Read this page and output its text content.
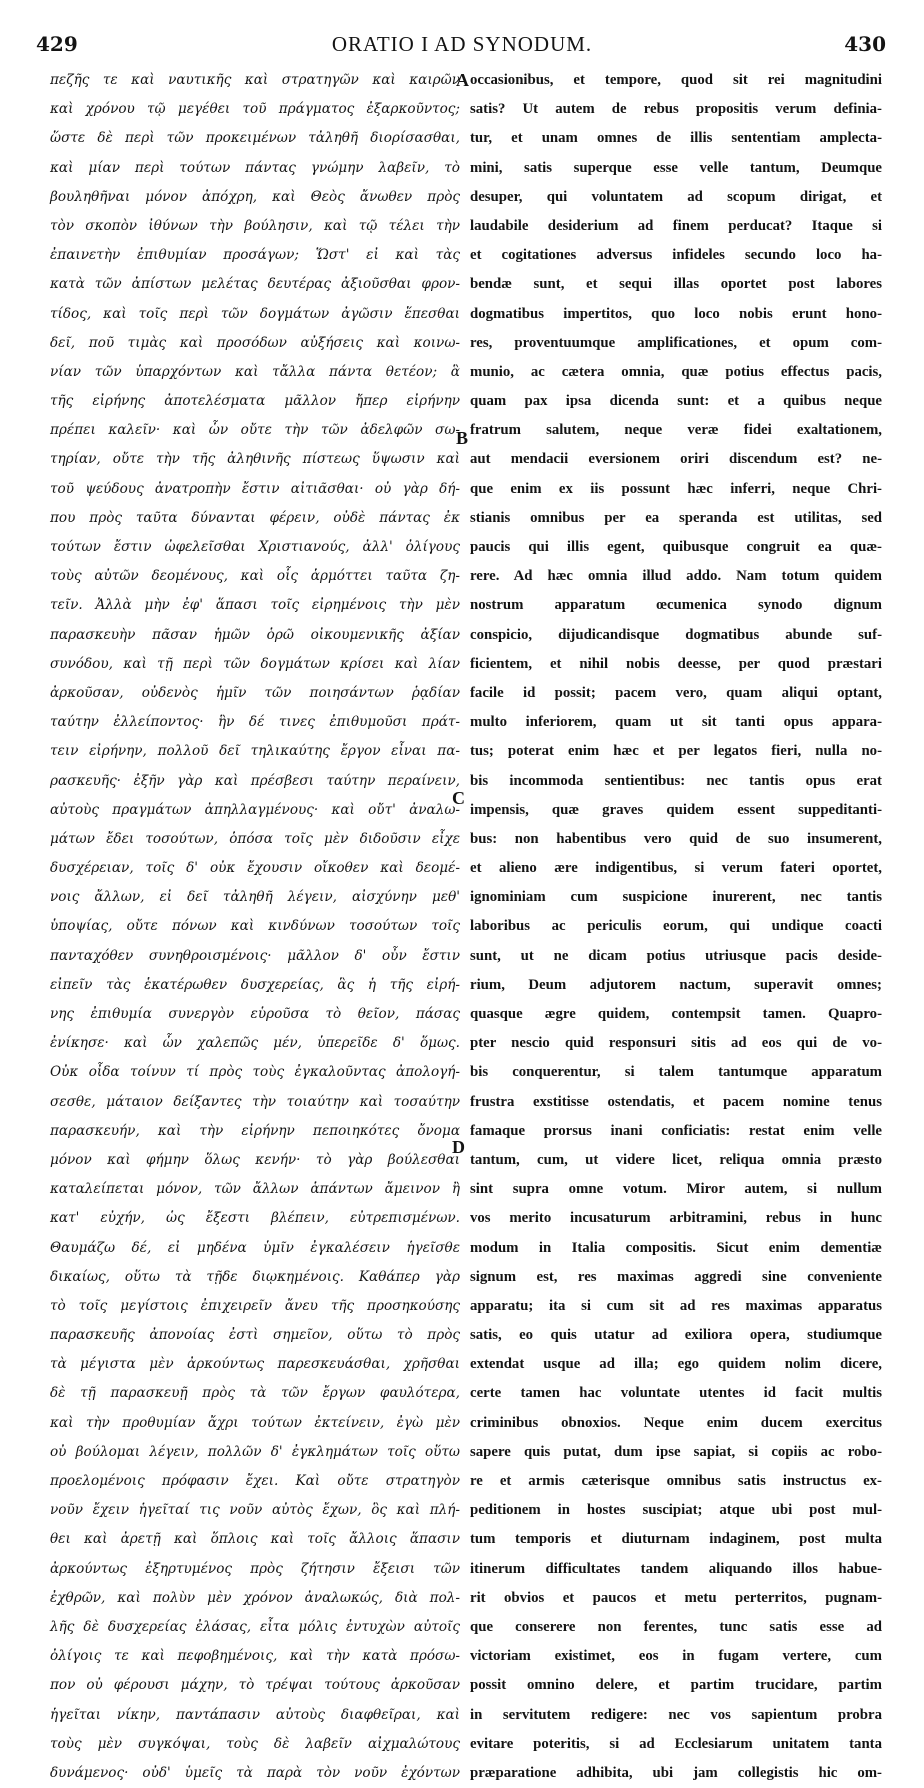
429	ORATIO I AD SYNODUM.	430
πεζῆς τε καὶ ναυτικῆς καὶ στρατηγῶν καὶ καιρῶν
καὶ χρόνου τῷ μεγέθει τοῦ πράγματος ἐξαρκοῦντος;
ὥστε δὲ περὶ τῶν προκειμένων τἀληθῆ διορίσασθαι,
καὶ μίαν περὶ τούτων πάντας γνώμην λαβεῖν, τὸ
βουληθῆναι μόνον ἀπόχρη, καὶ Θεὸς ἄνωθεν πρὸς
τὸν σκοπὸν ἰθύνων τὴν βούλησιν, καὶ τῷ τέλει τὴν
ἐπαινετὴν ἐπιθυμίαν προσάγων; Ὥστ' εἰ καὶ τὰς
κατὰ τῶν ἀπίστων μελέτας δευτέρας ἀξιοῦσθαι φρον-
τίδος, καὶ τοῖς περὶ τῶν δογμάτων ἀγῶσιν ἕπεσθαι
δεῖ, ποῦ τιμὰς καὶ προσόδων αὐξήσεις καὶ κοινω-
νίαν τῶν ὑπαρχόντων καὶ τἄλλα πάντα θετέον; ἃ
τῆς εἰρήνης ἀποτελέσματα μᾶλλον ἤπερ εἰρήνην
πρέπει καλεῖν· καὶ ὧν οὔτε τὴν τῶν ἀδελφῶν σω-
τηρίαν, οὔτε τὴν τῆς ἀληθινῆς πίστεως ὕψωσιν καὶ
τοῦ ψεύδους ἀνατροπὴν ἔστιν αἰτιᾶσθαι· οὐ γὰρ δή-
που πρὸς ταῦτα δύνανται φέρειν, οὐδὲ πάντας ἐκ
τούτων ἔστιν ὠφελεῖσθαι Χριστιανούς, ἀλλ' ὀλίγους
τοὺς αὐτῶν δεομένους, καὶ οἷς ἁρμόττει ταῦτα ζη-
τεῖν. Ἀλλὰ μὴν ἐφ' ἅπασι τοῖς εἰρημένοις τὴν μὲν
παρασκευὴν πᾶσαν ἡμῶν ὁρῶ οἰκουμενικῆς ἀξίαν
συνόδου, καὶ τῇ περὶ τῶν δογμάτων κρίσει καὶ λίαν
ἀρκοῦσαν, οὐδενὸς ἡμῖν τῶν ποιησάντων ῥᾳδίαν
ταύτην ἐλλείποντος· ἣν δέ τινες ἐπιθυμοῦσι πράτ-
τειν εἰρήνην, πολλοῦ δεῖ τηλικαύτης ἔργον εἶναι πα-
ρασκευῆς· ἐξῆν γὰρ καὶ πρέσβεσι ταύτην περαίνειν,
αὐτοὺς πραγμάτων ἀπηλλαγμένους· καὶ οὔτ' ἀναλω-
μάτων ἔδει τοσούτων, ὁπόσα τοῖς μὲν διδοῦσιν εἶχε
δυσχέρειαν, τοῖς δ' οὐκ ἔχουσιν οἴκοθεν καὶ δεομέ-
νοις ἄλλων, εἰ δεῖ τἀληθῆ λέγειν, αἰσχύνην μεθ'
ὑποψίας, οὔτε πόνων καὶ κινδύνων τοσούτων τοῖς
πανταχόθεν συνηθροισμένοις· μᾶλλον δ' οὖν ἔστιν
εἰπεῖν τὰς ἑκατέρωθεν δυσχερείας, ἃς ἡ τῆς εἰρή-
νης ἐπιθυμία συνεργὸν εὑροῦσα τὸ θεῖον, πάσας
ἐνίκησε· καὶ ὧν χαλεπῶς μέν, ὑπερεῖδε δ' ὅμως.
Οὐκ οἶδα τοίνυν τί πρὸς τοὺς ἐγκαλοῦντας ἀπολογή-
σεσθε, μάταιον δείξαντες τὴν τοιαύτην καὶ τοσαύτην
παρασκευήν, καὶ τὴν εἰρήνην πεποιηκότες ὄνομα
μόνον καὶ φήμην ὅλως κενήν· τὸ γὰρ βούλεσθαι
καταλείπεται μόνον, τῶν ἄλλων ἁπάντων ἄμεινον ἢ
κατ' εὐχήν, ὡς ἔξεστι βλέπειν, εὐτρεπισμένων.
Θαυμάζω δέ, εἰ μηδένα ὑμῖν ἐγκαλέσειν ἡγεῖσθε
δικαίως, οὕτω τὰ τῇδε διῳκημένοις. Καθάπερ γὰρ
τὸ τοῖς μεγίστοις ἐπιχειρεῖν ἄνευ τῆς προσηκούσης
παρασκευῆς ἀπονοίας ἐστὶ σημεῖον, οὕτω τὸ πρὸς
τὰ μέγιστα μὲν ἀρκούντως παρεσκευάσθαι, χρῆσθαι
δὲ τῇ παρασκευῇ πρὸς τὰ τῶν ἔργων φαυλότερα,
καὶ τὴν προθυμίαν ἄχρι τούτων ἐκτείνειν, ἐγὼ μὲν
οὐ βούλομαι λέγειν, πολλῶν δ' ἐγκλημάτων τοῖς οὕτω
προελομένοις πρόφασιν ἔχει. Καὶ οὔτε στρατηγὸν
νοῦν ἔχειν ἡγεῖταί τις νοῦν αὐτὸς ἔχων, ὃς καὶ πλή-
θει καὶ ἀρετῇ καὶ ὅπλοις καὶ τοῖς ἄλλοις ἅπασιν
ἀρκούντως ἐξηρτυμένος πρὸς ζήτησιν ἔξεισι τῶν
ἐχθρῶν, καὶ πολὺν μὲν χρόνον ἀναλωκώς, διὰ πολ-
λῆς δὲ δυσχερείας ἐλάσας, εἶτα μόλις ἐντυχὼν αὐτοῖς
ὀλίγοις τε καὶ πεφοβημένοις, καὶ τὴν κατὰ πρόσω-
πον οὐ φέρουσι μάχην, τὸ τρέψαι τούτους ἀρκοῦσαν
ἡγεῖται νίκην, παντάπασιν αὐτοὺς διαφθεῖραι, καὶ
τοὺς μὲν συγκόψαι, τοὺς δὲ λαβεῖν αἰχμαλώτους
δυνάμενος· οὐδ' ὑμεῖς τὰ παρὰ τὸν νοῦν ἐχόντων
A
B
C
D
occasionibus, et tempore, quod sit rei magnitudini
satis? Ut autem de rebus propositis verum definia-
tur, et unam omnes de illis sententiam amplecta-
mini, satis superque esse velle tantum, Deumque
desuper, qui voluntatem ad scopum dirigat, et
laudabile desiderium ad finem perducat? Itaque si
et cogitationes adversus infideles secundo loco ha-
bendæ sunt, et sequi illas oportet post labores
dogmatibus impertitos, quo loco nobis erunt hono-
res, proventuumque amplificationes, et opum com-
munio, ac cætera omnia, quæ potius effectus pacis,
quam pax ipsa dicenda sunt: et a quibus neque
fratrum salutem, neque veræ fidei exaltationem,
aut mendacii eversionem oriri discendum est? ne-
que enim ex iis possunt hæc inferri, neque Chri-
stianis omnibus per ea speranda est utilitas, sed
paucis qui illis egent, quibusque congruit ea quæ-
rere. Ad hæc omnia illud addo. Nam totum quidem
nostrum apparatum œcumenica synodo dignum
conspicio, dijudicandisque dogmatibus abunde suf-
ficientem, et nihil nobis deesse, per quod præstari
facile id possit; pacem vero, quam aliqui optant,
multo inferiorem, quam ut sit tanti opus appara-
tus; poterat enim hæc et per legatos fieri, nulla no-
bis incommoda sentientibus: nec tantis opus erat
impensis, quæ graves quidem essent suppeditanti-
bus: non habentibus vero quid de suo insumerent,
et alieno ære indigentibus, si verum fateri oportet,
ignominiam cum suspicione inurerent, nec tantis
laboribus ac periculis eorum, qui undique coacti
sunt, ut ne dicam potius utriusque pacis deside-
rium, Deum adjutorem nactum, superavit omnes;
quasque ægre quidem, contempsit tamen. Quapro-
pter nescio quid responsuri sitis ad eos qui de vo-
bis conquerentur, si talem tantumque apparatum
frustra exstitisse ostendatis, et pacem nomine tenus
famaque prorsus inani conficiatis: restat enim velle
tantum, cum, ut videre licet, reliqua omnia præsto
sint supra omne votum. Miror autem, si nullum
vos merito incusaturum arbitramini, rebus in hunc
modum in Italia compositis. Sicut enim dementiæ
signum est, res maximas aggredi sine conveniente
apparatu; ita si cum sit ad res maximas apparatus
satis, eo quis utatur ad exiliora opera, studiumque
extendat usque ad illa; ego quidem nolim dicere,
certe tamen hac voluntate utentes id facit multis
criminibus obnoxios. Neque enim ducem exercitus
sapere quis putat, dum ipse sapiat, si copiis ac robo-
re et armis cæterisque omnibus satis instructus ex-
peditionem in hostes suscipiat; atque ubi post mul-
tum temporis et diuturnam indaginem, post multa
itinerum difficultates tandem aliquando illos habue-
rit obvios et paucos et metu perterritos, pugnam-
que conserere non ferentes, tunc satis esse ad
victoriam existimet, eos in fugam vertere, cum
possit omnino delere, et partim trucidare, partim
in servitutem redigere: nec vos sapientum probra
evitare poteritis, si ad Ecclesiarum unitatem tanta
præparatione adhibita, ubi jam collegistis hic om-
